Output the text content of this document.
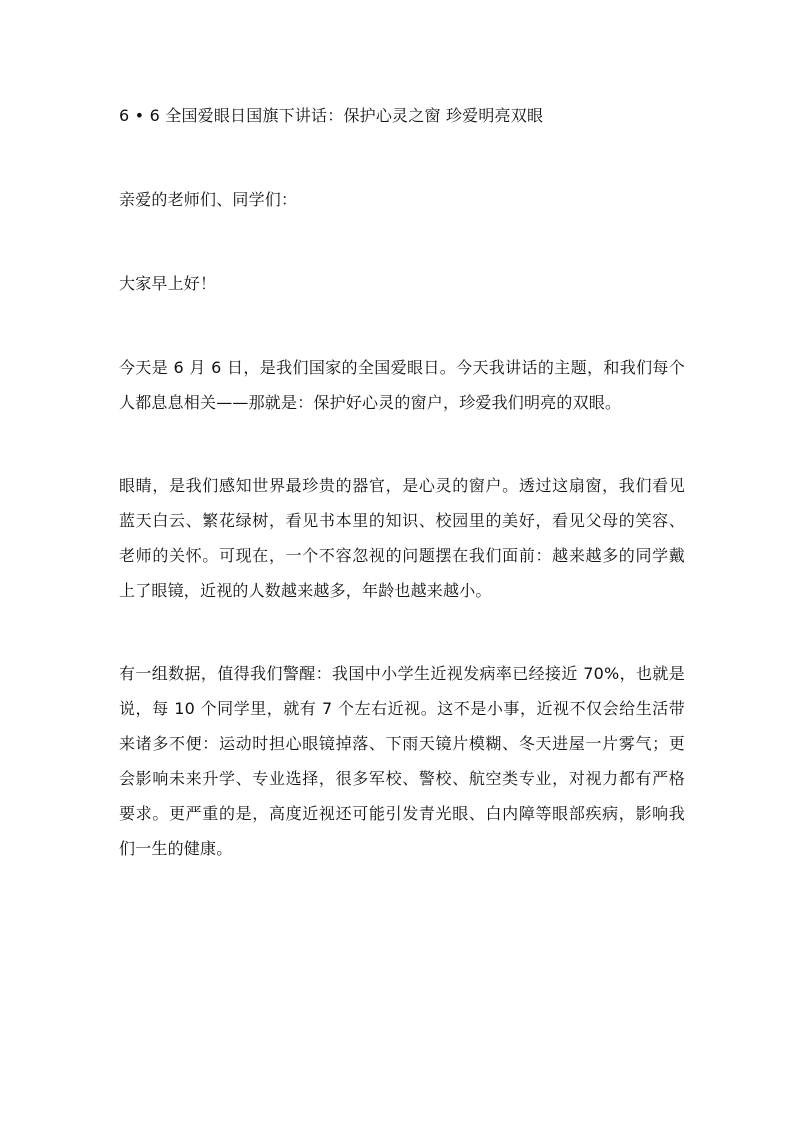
6 • 6 全国爱眼日国旗下讲话：保护心灵之窗 珍爱明亮双眼

亲爱的老师们、同学们：

大家早上好！

今天是 6 月 6 日，是我们国家的全国爱眼日。今天我讲话的主题，和我们每个人都息息相关——那就是：保护好心灵的窗户，珍爱我们明亮的双眼。

眼睛，是我们感知世界最珍贵的器官，是心灵的窗户。透过这扇窗，我们看见蓝天白云、繁花绿树，看见书本里的知识、校园里的美好，看见父母的笑容、老师的关怀。可现在，一个不容忽视的问题摆在我们面前：越来越多的同学戴上了眼镜，近视的人数越来越多，年龄也越来越小。

有一组数据，值得我们警醒：我国中小学生近视发病率已经接近 70%，也就是说，每 10 个同学里，就有 7 个左右近视。这不是小事，近视不仅会给生活带来诸多不便：运动时担心眼镜掉落、下雨天镜片模糊、冬天进屋一片雾气；更会影响未来升学、专业选择，很多军校、警校、航空类专业，对视力都有严格要求。更严重的是，高度近视还可能引发青光眼、白内障等眼部疾病，影响我们一生的健康。
